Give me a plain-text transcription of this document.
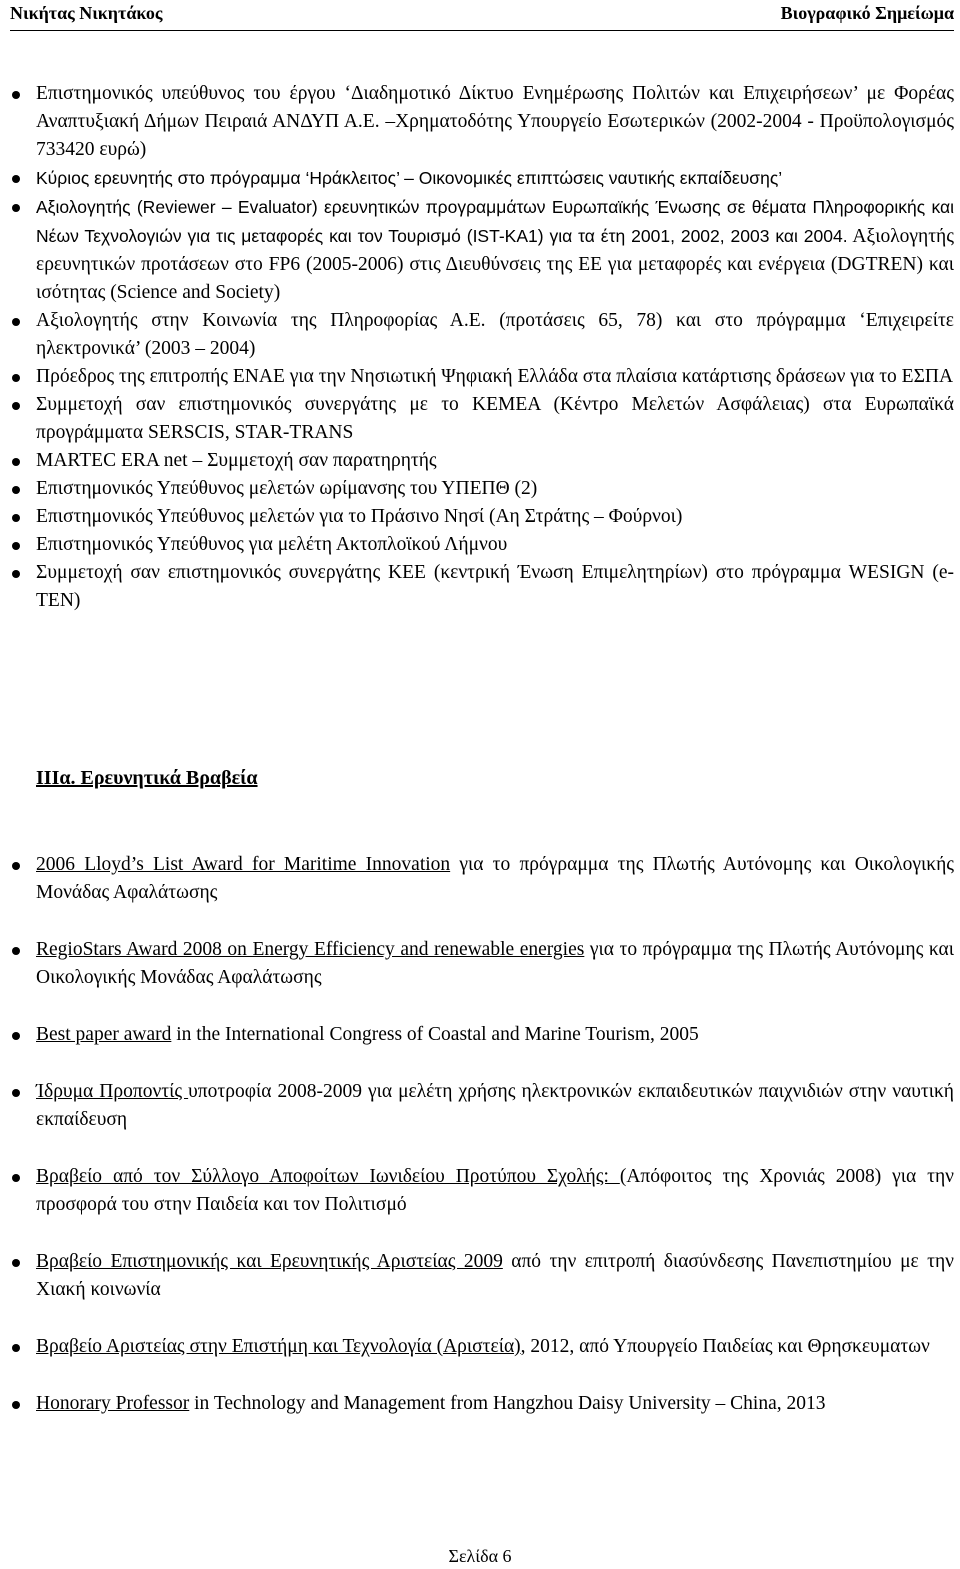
Νικήτας Νικητάκος	Βιογραφικό Σημείωμα
Επιστημονικός υπεύθυνος του έργου ‘Διαδημοτικό Δίκτυο Ενημέρωσης Πολιτών και Επιχειρήσεων’ με Φορέας Αναπτυξιακή Δήμων Πειραιά ΑΝΔΥΠ Α.Ε. –Χρηματοδότης Υπουργείο Εσωτερικών (2002-2004 - Προϋπολογισμός 733420 ευρώ)
Κύριος ερευνητής στο πρόγραμμα ‘Ηράκλειτος’ – Οικονομικές επιπτώσεις ναυτικής εκπαίδευσης’
Αξιολογητής (Reviewer – Evaluator) ερευνητικών προγραμμάτων Ευρωπαϊκής Ένωσης σε θέματα Πληροφορικής και Νέων Τεχνολογιών για τις μεταφορές και τον Τουρισμό (IST-KA1) για τα έτη 2001, 2002, 2003 και 2004. Αξιολογητής ερευνητικών προτάσεων στο FP6 (2005-2006) στις Διευθύνσεις της ΕΕ για μεταφορές και ενέργεια (DGTREN) και ισότητας (Science and Society)
Αξιολογητής στην Κοινωνία της Πληροφορίας Α.Ε. (προτάσεις 65, 78) και στο πρόγραμμα ‘Επιχειρείτε ηλεκτρονικά’ (2003 – 2004)
Πρόεδρος της επιτροπής ΕΝΑΕ για την Νησιωτική Ψηφιακή Ελλάδα στα πλαίσια κατάρτισης δράσεων για το ΕΣΠΑ
Συμμετοχή σαν επιστημονικός συνεργάτης με το ΚΕΜΕΑ (Κέντρο Μελετών Ασφάλειας) στα Ευρωπαϊκά προγράμματα SERSCIS, STAR-TRANS
MARTEC ERA net – Συμμετοχή σαν παρατηρητής
Επιστημονικός Υπεύθυνος μελετών ωρίμανσης του ΥΠΕΠΘ (2)
Επιστημονικός Υπεύθυνος μελετών για το Πράσινο Νησί (Αη Στράτης – Φούρνοι)
Επιστημονικός Υπεύθυνος για μελέτη Ακτοπλοϊκού Λήμνου
Συμμετοχή σαν επιστημονικός συνεργάτης ΚΕΕ (κεντρική Ένωση Επιμελητηρίων) στο πρόγραμμα WESIGN (e-TEN)
IIIα. Ερευνητικά Βραβεία
2006 Lloyd’s List Award for Maritime Innovation για το πρόγραμμα της Πλωτής Αυτόνομης και Οικολογικής Μονάδας Αφαλάτωσης
RegioStars Award 2008 on Energy Efficiency and renewable energies για το πρόγραμμα της Πλωτής Αυτόνομης και Οικολογικής Μονάδας Αφαλάτωσης
Best paper award in the International Congress of Coastal and Marine Tourism, 2005
Ίδρυμα Προποντίς υποτροφία 2008-2009 για μελέτη χρήσης ηλεκτρονικών εκπαιδευτικών παιχνιδιών στην ναυτική εκπαίδευση
Βραβείο από τον Σύλλογο Αποφοίτων Ιωνιδείου Προτύπου Σχολής: (Απόφοιτος της Χρονιάς 2008) για την προσφορά του στην Παιδεία και τον Πολιτισμό
Βραβείο Επιστημονικής και Ερευνητικής Αριστείας 2009 από την επιτροπή διασύνδεσης Πανεπιστημίου με την Χιακή κοινωνία
Βραβείο Αριστείας στην Επιστήμη και Τεχνολογία (Αριστεία), 2012, από Υπουργείο Παιδείας και Θρησκευματων
Honorary Professor in Technology and Management from Hangzhou Daisy University – China, 2013
Σελίδα 6
